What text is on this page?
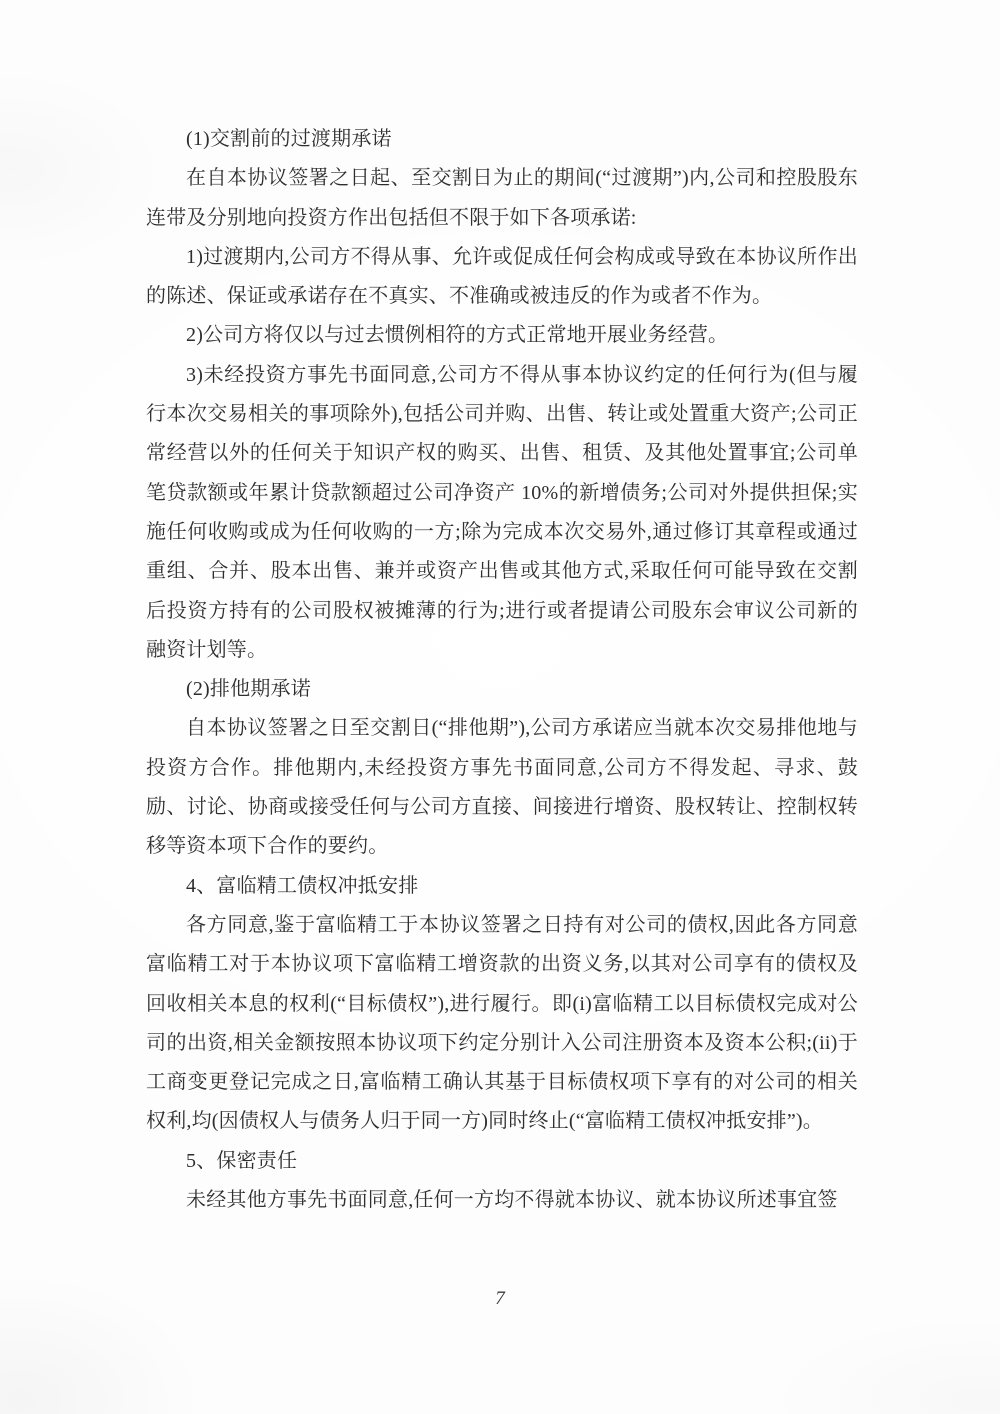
(1)交割前的过渡期承诺

在自本协议签署之日起、至交割日为止的期间(“过渡期”)内,公司和控股股东连带及分别地向投资方作出包括但不限于如下各项承诺:

1)过渡期内,公司方不得从事、允许或促成任何会构成或导致在本协议所作出的陈述、保证或承诺存在不真实、不准确或被违反的作为或者不作为。

2)公司方将仅以与过去惯例相符的方式正常地开展业务经营。

3)未经投资方事先书面同意,公司方不得从事本协议约定的任何行为(但与履行本次交易相关的事项除外),包括公司并购、出售、转让或处置重大资产;公司正常经营以外的任何关于知识产权的购买、出售、租赁、及其他处置事宜;公司单笔贷款额或年累计贷款额超过公司净资产 10%的新增债务;公司对外提供担保;实施任何收购或成为任何收购的一方;除为完成本次交易外,通过修订其章程或通过重组、合并、股本出售、兼并或资产出售或其他方式,采取任何可能导致在交割后投资方持有的公司股权被摊薄的行为;进行或者提请公司股东会审议公司新的融资计划等。

(2)排他期承诺

自本协议签署之日至交割日(“排他期”),公司方承诺应当就本次交易排他地与投资方合作。排他期内,未经投资方事先书面同意,公司方不得发起、寻求、鼓励、讨论、协商或接受任何与公司方直接、间接进行增资、股权转让、控制权转移等资本项下合作的要约。

4、富临精工债权冲抵安排

各方同意,鉴于富临精工于本协议签署之日持有对公司的债权,因此各方同意富临精工对于本协议项下富临精工增资款的出资义务,以其对公司享有的债权及回收相关本息的权利(“目标债权”),进行履行。即(i)富临精工以目标债权完成对公司的出资,相关金额按照本协议项下约定分别计入公司注册资本及资本公积;(ii)于工商变更登记完成之日,富临精工确认其基于目标债权项下享有的对公司的相关权利,均(因债权人与债务人归于同一方)同时终止(“富临精工债权冲抵安排”)。

5、保密责任

未经其他方事先书面同意,任何一方均不得就本协议、就本协议所述事宜签

7
